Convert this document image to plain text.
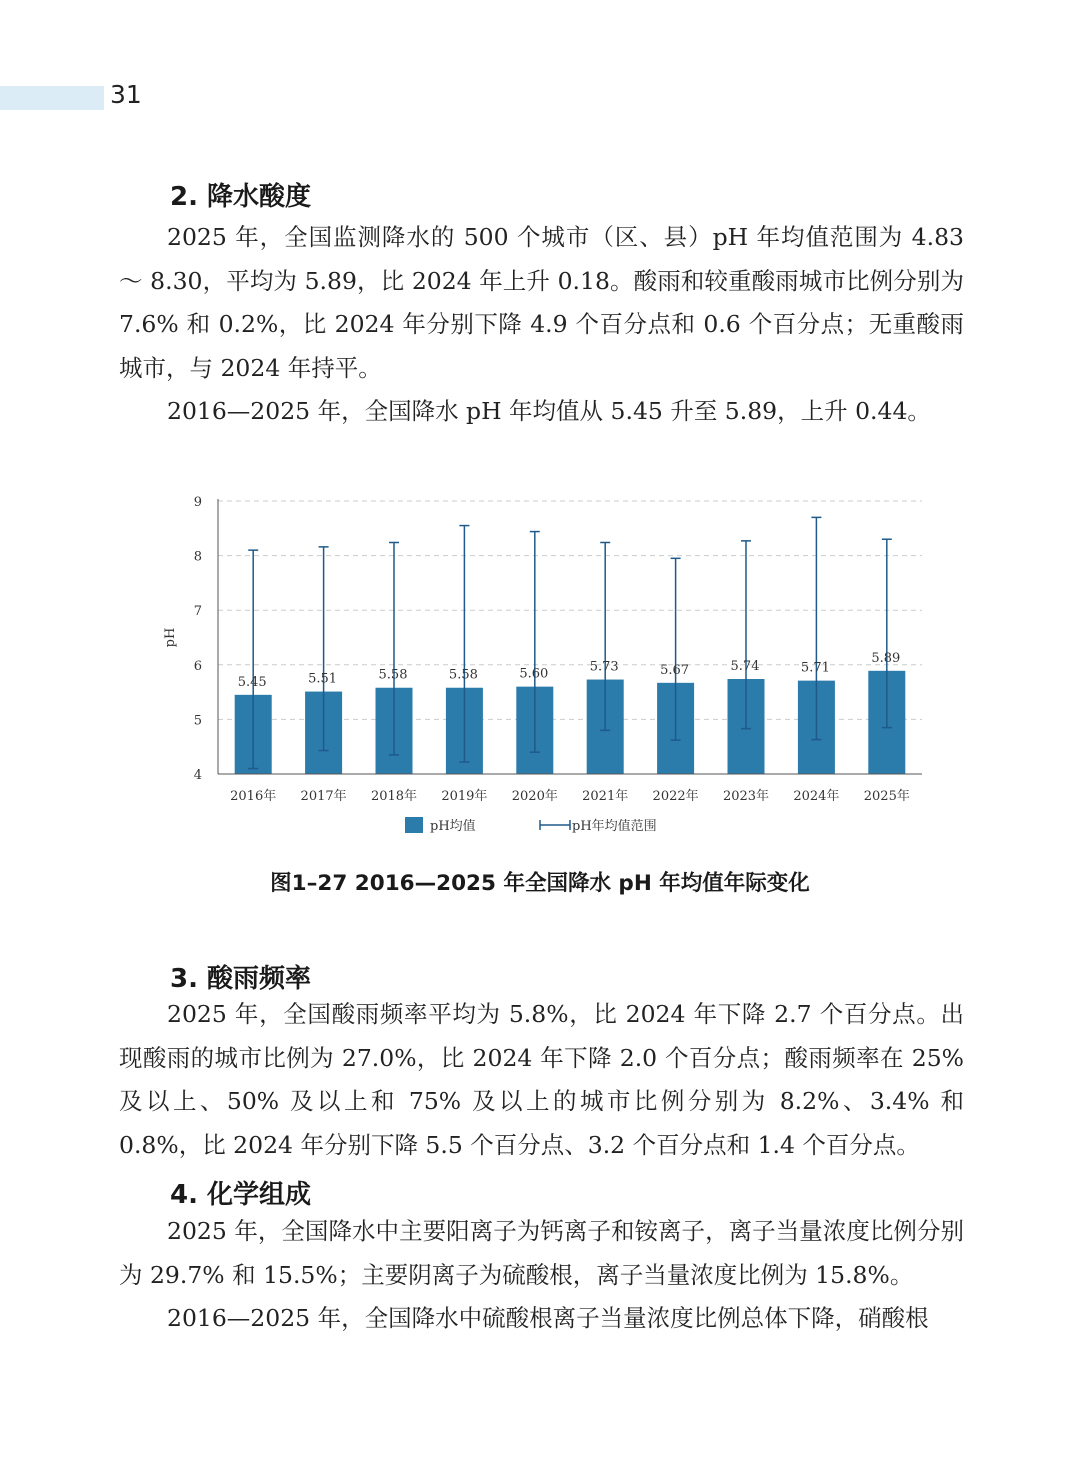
31
2. 降水酸度

2025 年，全国监测降水的 500 个城市（区、县）pH 年均值范围为 4.83 ～ 8.30，平均为 5.89，比 2024 年上升 0.18。酸雨和较重酸雨城市比例分别为 7.6% 和 0.2%，比 2024 年分别下降 4.9 个百分点和 0.6 个百分点；无重酸雨城市，与 2024 年持平。

2016—2025 年，全国降水 pH 年均值从 5.45 升至 5.89，上升 0.44。

5.45	5.51	5.58	5.58	5.60	5.73	5.67	5.74	5.71
5.89
4
5
6
7
8
9
pH
2016年 2017年 2018年 2019年 2020年 2021年 2022年 2023年 2024年 2025年
pH均值	pH年均值范围

图1–27 2016—2025 年全国降水 pH 年均值年际变化

3. 酸雨频率

2025 年，全国酸雨频率平均为 5.8%，比 2024 年下降 2.7 个百分点。出现酸雨的城市比例为 27.0%，比 2024 年下降 2.0 个百分点；酸雨频率在 25% 及以上、50% 及以上和 75% 及以上的城市比例分别为 8.2%、3.4% 和 0.8%，比 2024 年分别下降 5.5 个百分点、3.2 个百分点和 1.4 个百分点。

4. 化学组成

2025 年，全国降水中主要阳离子为钙离子和铵离子，离子当量浓度比例分别为 29.7% 和 15.5%；主要阴离子为硫酸根，离子当量浓度比例为 15.8%。

2016—2025 年，全国降水中硫酸根离子当量浓度比例总体下降，硝酸根
